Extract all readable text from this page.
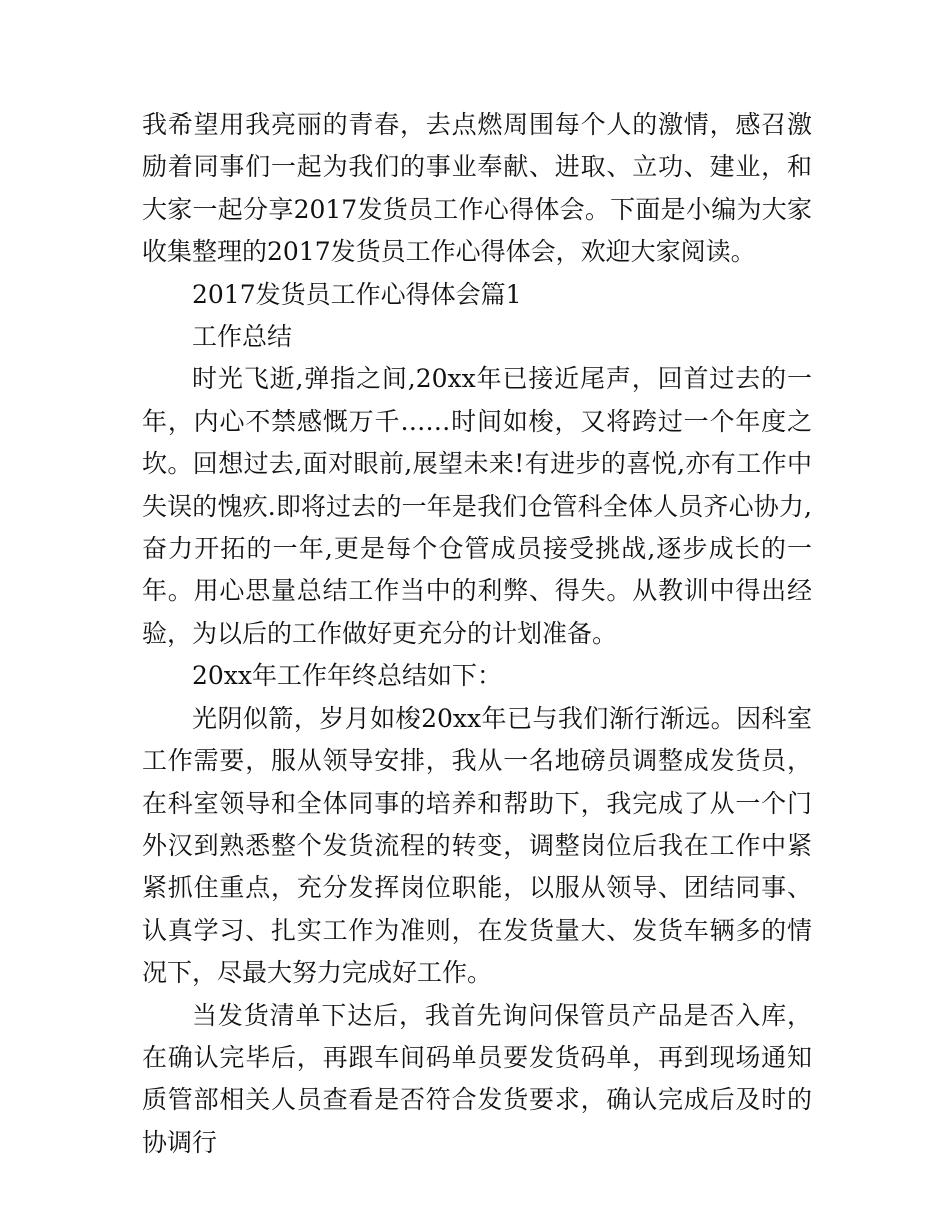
我希望用我亮丽的青春，去点燃周围每个人的激情，感召激励着同事们一起为我们的事业奉献、进取、立功、建业，和大家一起分享2017发货员工作心得体会。下面是小编为大家收集整理的2017发货员工作心得体会，欢迎大家阅读。

2017发货员工作心得体会篇1

工作总结

时光飞逝,弹指之间,20xx年已接近尾声，回首过去的一年，内心不禁感慨万千……时间如梭，又将跨过一个年度之坎。回想过去,面对眼前,展望未来!有进步的喜悦,亦有工作中失误的愧疚.即将过去的一年是我们仓管科全体人员齐心协力,奋力开拓的一年,更是每个仓管成员接受挑战,逐步成长的一年。用心思量总结工作当中的利弊、得失。从教训中得出经验，为以后的工作做好更充分的计划准备。

20xx年工作年终总结如下：

光阴似箭，岁月如梭20xx年已与我们渐行渐远。因科室工作需要，服从领导安排，我从一名地磅员调整成发货员，在科室领导和全体同事的培养和帮助下，我完成了从一个门外汉到熟悉整个发货流程的转变，调整岗位后我在工作中紧紧抓住重点，充分发挥岗位职能，以服从领导、团结同事、认真学习、扎实工作为准则，在发货量大、发货车辆多的情况下，尽最大努力完成好工作。

当发货清单下达后，我首先询问保管员产品是否入库，在确认完毕后，再跟车间码单员要发货码单，再到现场通知质管部相关人员查看是否符合发货要求，确认完成后及时的协调行
